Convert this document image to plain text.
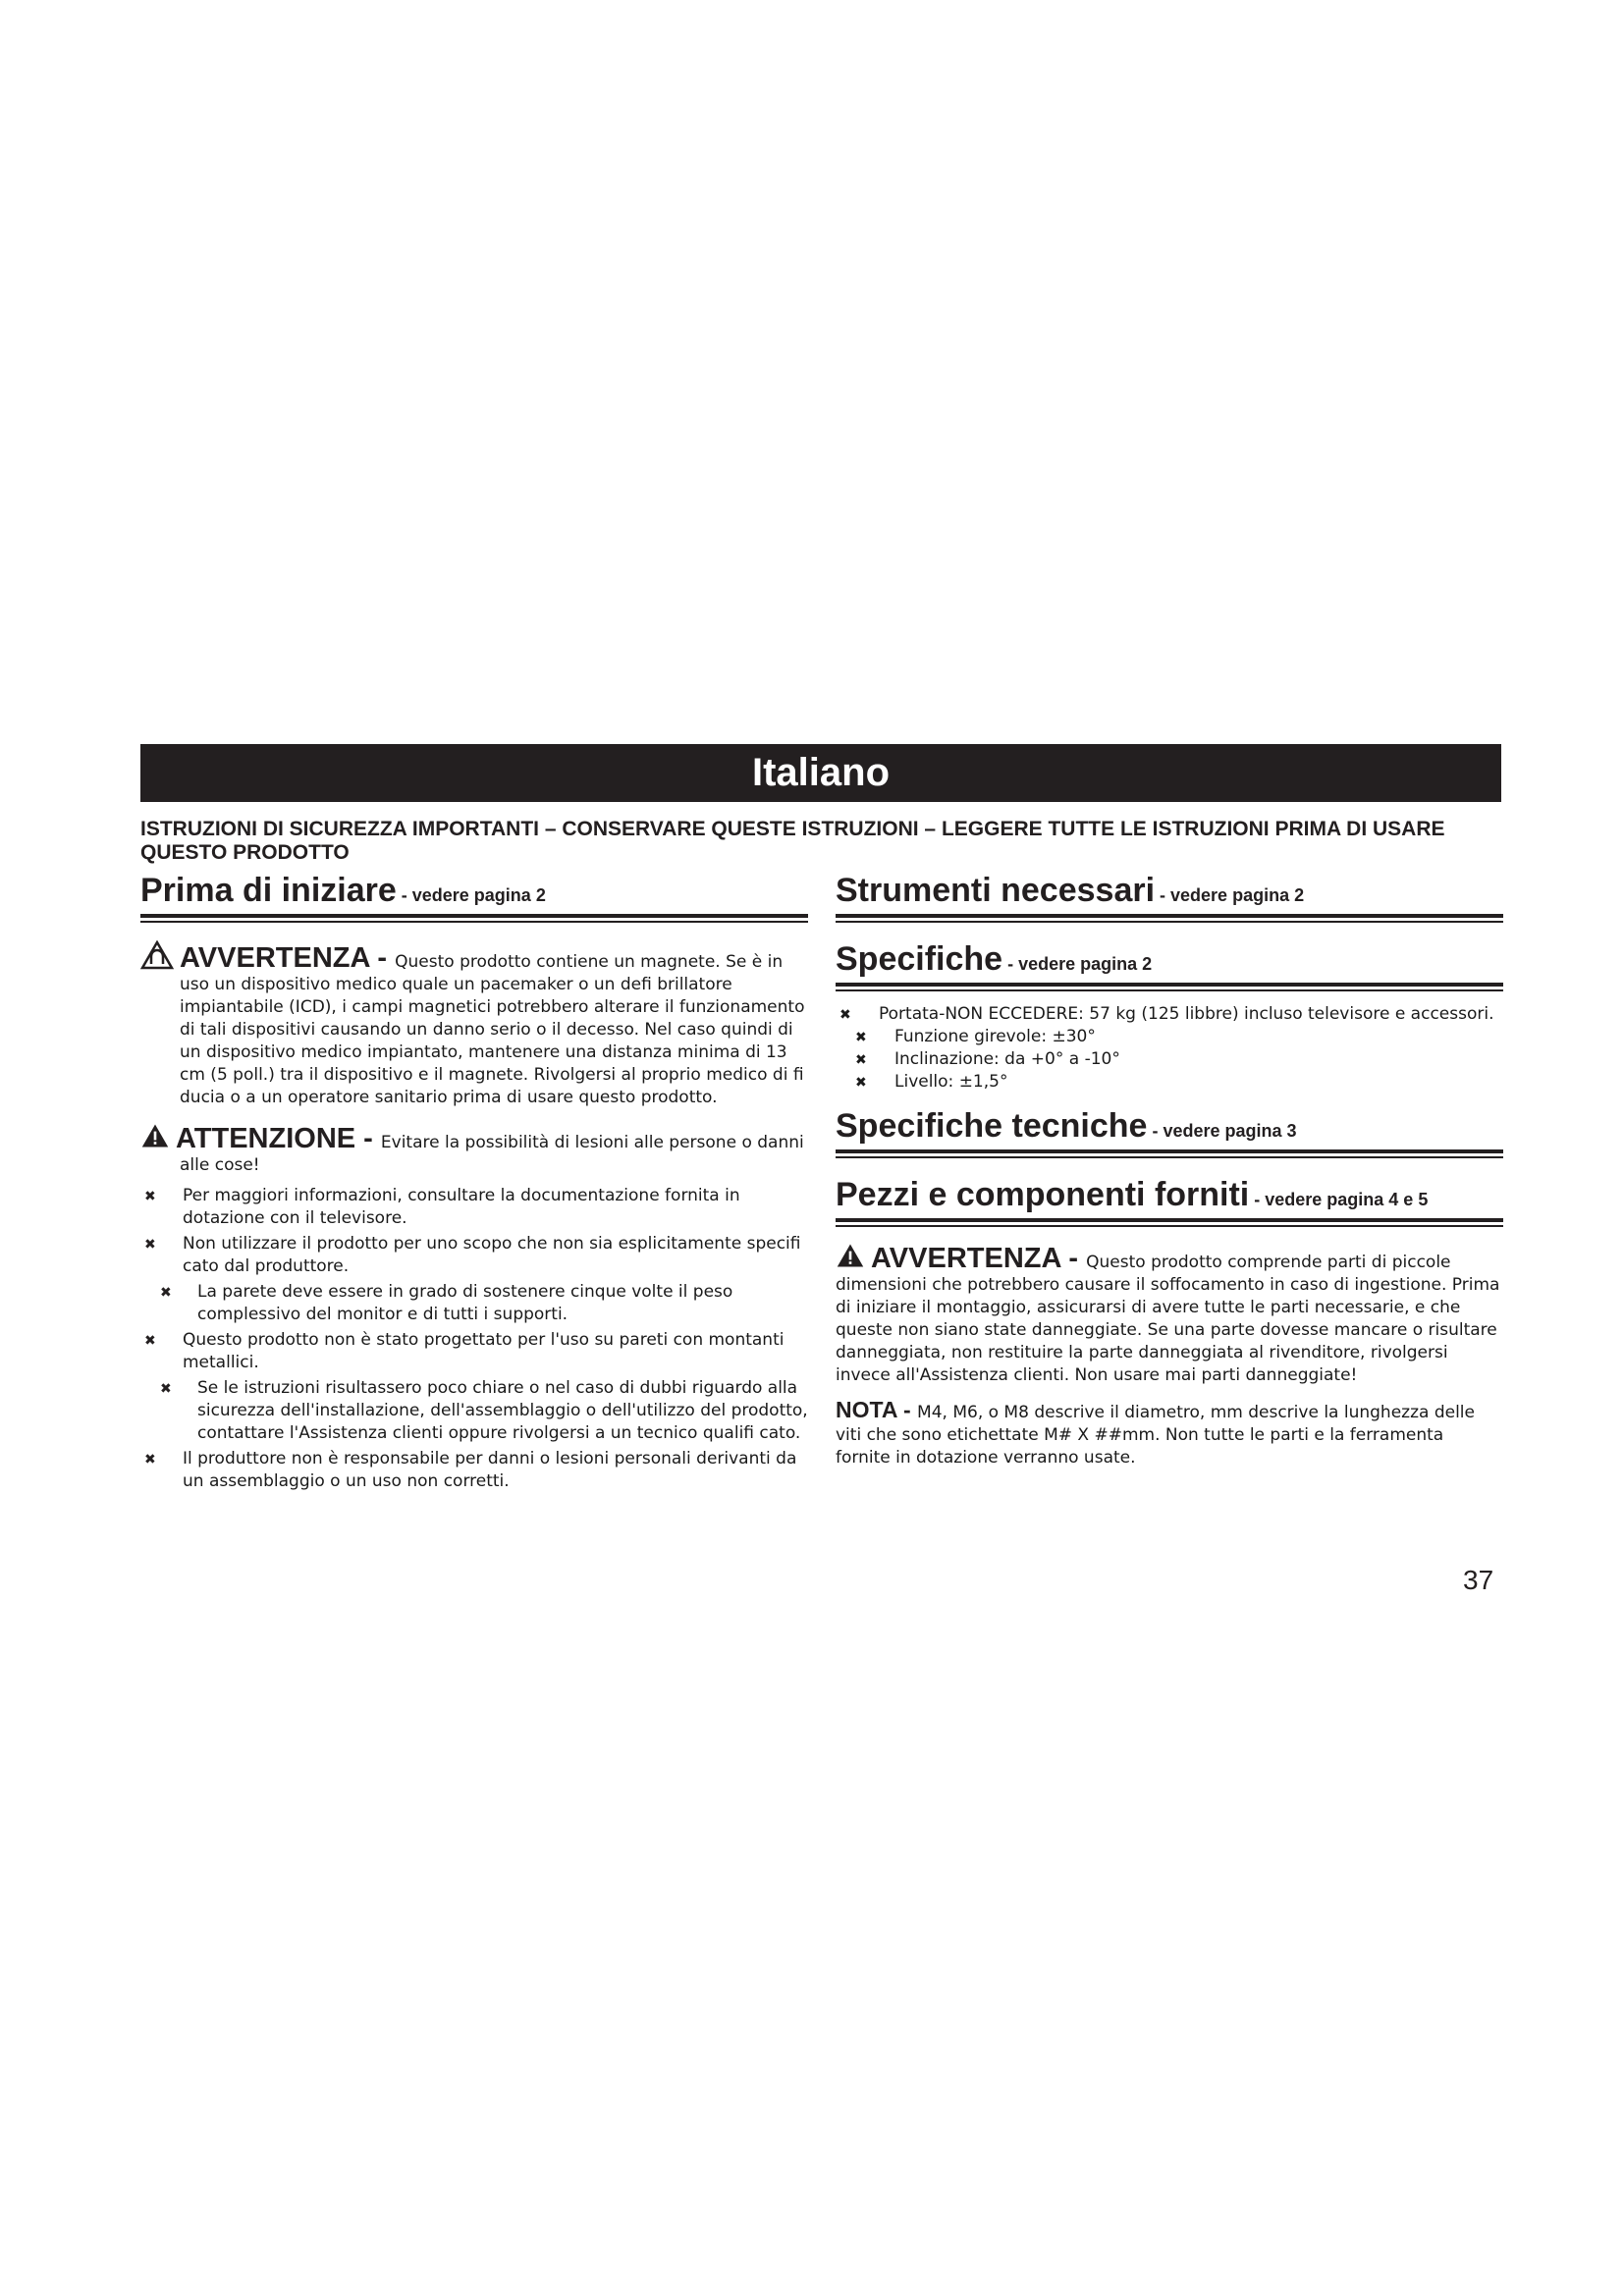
Italiano
ISTRUZIONI DI SICUREZZA IMPORTANTI – CONSERVARE QUESTE ISTRUZIONI – LEGGERE TUTTE LE ISTRUZIONI PRIMA DI USARE QUESTO PRODOTTO
Prima di iniziare - vedere pagina 2

AVVERTENZA - Questo prodotto contiene un magnete. Se è in uso un dispositivo medico quale un pacemaker o un defi brillatore impiantabile (ICD), i campi magnetici potrebbero alterare il funzionamento di tali dispositivi causando un danno serio o il decesso. Nel caso quindi di un dispositivo medico impiantato, mantenere una distanza minima di 13 cm (5 poll.) tra il dispositivo e il magnete. Rivolgersi al proprio medico di fi ducia o a un operatore sanitario prima di usare questo prodotto.

ATTENZIONE - Evitare la possibilità di lesioni alle persone o danni alle cose!

✖ Per maggiori informazioni, consultare la documentazione fornita in dotazione con il televisore.
✖ Non utilizzare il prodotto per uno scopo che non sia esplicitamente specifi cato dal produttore.
✖ La parete deve essere in grado di sostenere cinque volte il peso complessivo del monitor e di tutti i supporti.
✖ Questo prodotto non è stato progettato per l'uso su pareti con montanti metallici.
✖ Se le istruzioni risultassero poco chiare o nel caso di dubbi riguardo alla sicurezza dell'installazione, dell'assemblaggio o dell'utilizzo del prodotto, contattare l'Assistenza clienti oppure rivolgersi a un tecnico qualifi cato.
✖ Il produttore non è responsabile per danni o lesioni personali derivanti da un assemblaggio o un uso non corretti.
Strumenti necessari - vedere pagina 2
Specifiche - vedere pagina 2
✖ Portata-NON ECCEDERE: 57 kg (125 libbre) incluso televisore e accessori.
✖ Funzione girevole: ±30°
✖ Inclinazione: da +0° a -10°
✖ Livello: ±1,5°
Specifiche tecniche - vedere pagina 3
Pezzi e componenti forniti - vedere pagina 4 e 5

AVVERTENZA - Questo prodotto comprende parti di piccole dimensioni che potrebbero causare il soffocamento in caso di ingestione. Prima di iniziare il montaggio, assicurarsi di avere tutte le parti necessarie, e che queste non siano state danneggiate. Se una parte dovesse mancare o risultare danneggiata, non restituire la parte danneggiata al rivenditore, rivolgersi invece all'Assistenza clienti. Non usare mai parti danneggiate!

NOTA - M4, M6, o M8 descrive il diametro, mm descrive la lunghezza delle viti che sono etichettate M# X ##mm. Non tutte le parti e la ferramenta fornite in dotazione verranno usate.

37
